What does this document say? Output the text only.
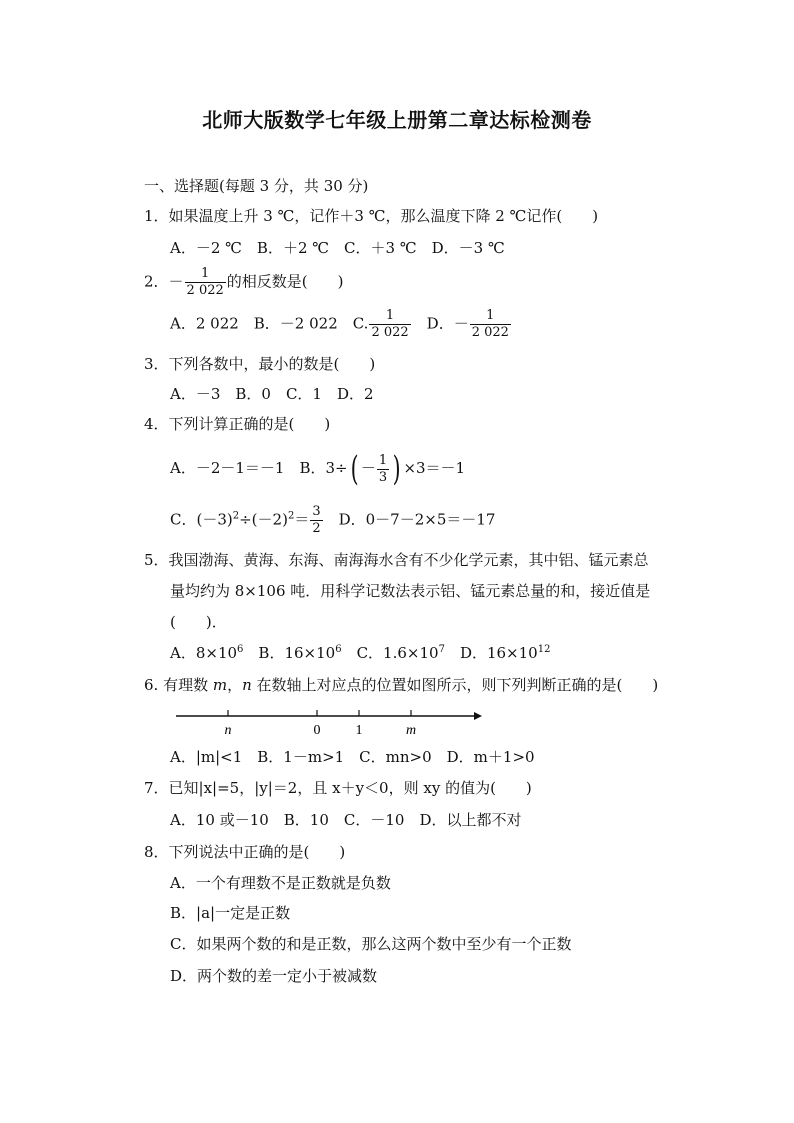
北师大版数学七年级上册第二章达标检测卷
一、选择题(每题 3 分，共 30 分)
1．如果温度上升 3 ℃，记作＋3 ℃，那么温度下降 2 ℃记作(　　)
A．－2 ℃　B．＋2 ℃　C．＋3 ℃　D．－3 ℃
2．－ $\frac{1}{2 022}$ 的相反数是(　　)
A．2 022　B．－2 022　C. $\frac{1}{2 022}$ 　D．－ $\frac{1}{2 022}$
3．下列各数中，最小的数是(　　)
A．－3　B．0　C．1　D．2
4．下列计算正确的是(　　)
A．－2－1＝－1　B．$3\div( - \frac{1}{3}$ ) ×3＝－1
C．$(-3)^2\div(-2)^2= \frac{3}{2}$ 　D．0－7－2×5＝－17
5．我国渤海、黄海、东海、南海海水含有不少化学元素，其中铝、锰元素总
量均约为 8×106 吨．用科学记数法表示铝、锰元素总量的和，接近值是
(　　)．
A．$8\times 10^6$　B．$16\times 10^6$　C．$1.6\times 10^7$　D．$16\times 10^{12}$
6. 有理数 m，n 在数轴上对应点的位置如图所示，则下列判断正确的是(　　)
n	0	1	m
A．|m|<1　B．1－m>1　C．mn>0　D．m＋1>0
7．已知|x|=5，|y|＝2，且 x＋y＜0，则 xy 的值为(　　)
A．10 或－10　B．10　C．－10　D．以上都不对
8．下列说法中正确的是(　　)
A．一个有理数不是正数就是负数
B．|a|一定是正数
C．如果两个数的和是正数，那么这两个数中至少有一个正数
D．两个数的差一定小于被减数
